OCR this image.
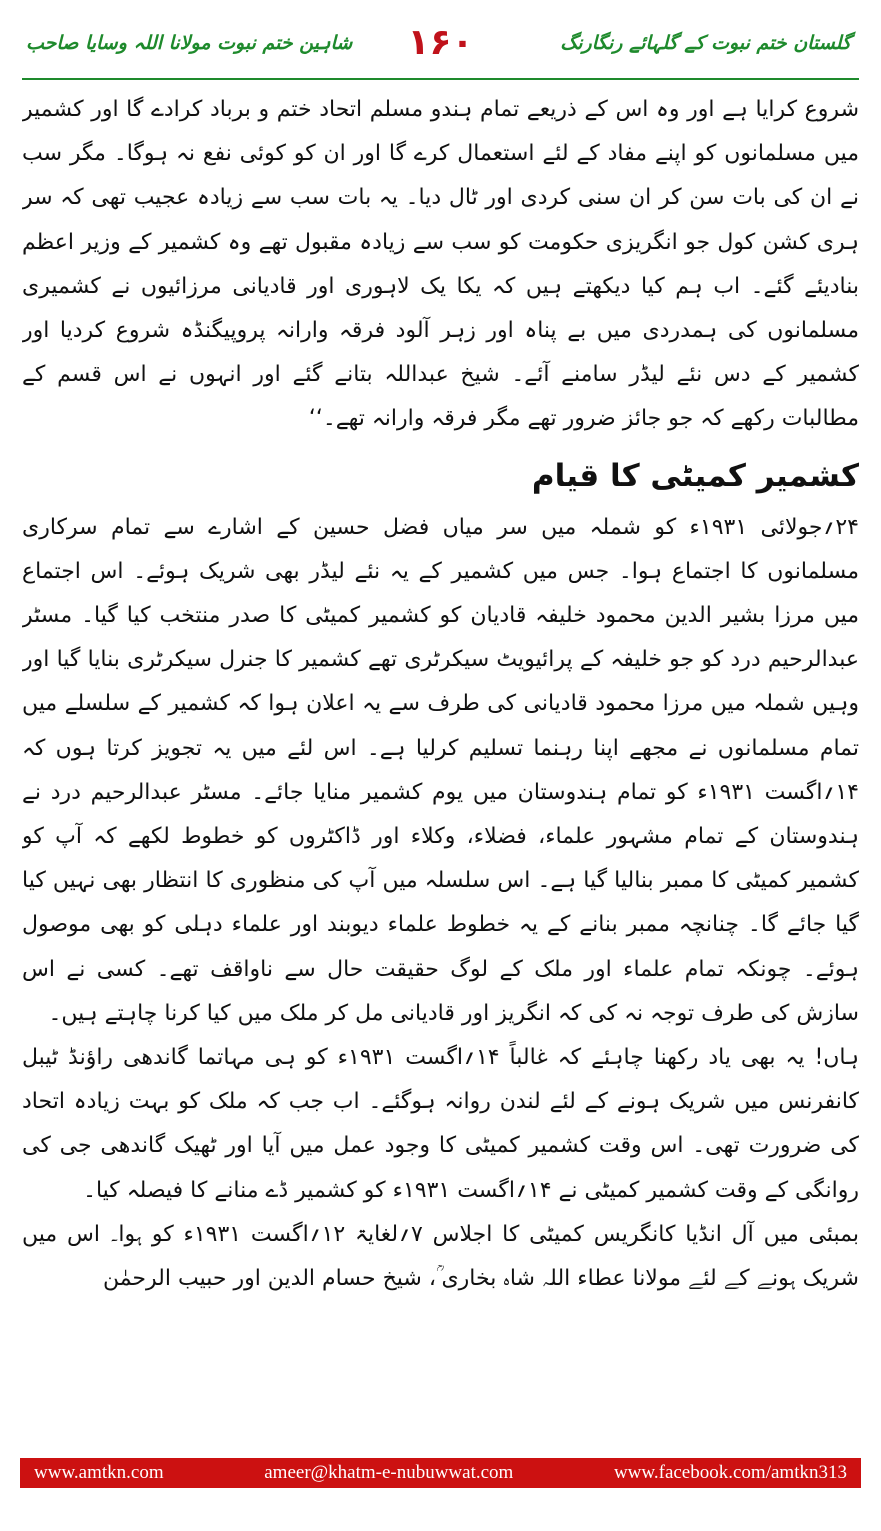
گلستان ختم نبوت کے گلہائے رنگارنگ
۱۶۰
شاہین ختم نبوت مولانا اللہ وسایا صاحب

شروع کرایا ہے اور وہ اس کے ذریعے تمام ہندو مسلم اتحاد ختم و برباد کرادے گا اور کشمیر میں مسلمانوں کو اپنے مفاد کے لئے استعمال کرے گا اور ان کو کوئی نفع نہ ہوگا۔ مگر سب نے ان کی بات سن کر ان سنی کردی اور ٹال دیا۔ یہ بات سب سے زیادہ عجیب تھی کہ سر ہری کشن کول جو انگریزی حکومت کو سب سے زیادہ مقبول تھے وہ کشمیر کے وزیر اعظم بنادیئے گئے۔ اب ہم کیا دیکھتے ہیں کہ یکا یک لاہوری اور قادیانی مرزائیوں نے کشمیری مسلمانوں کی ہمدردی میں بے پناہ اور زہر آلود فرقہ وارانہ پروپیگنڈہ شروع کردیا اور کشمیر کے دس نئے لیڈر سامنے آئے۔ شیخ عبداللہ بتانے گئے اور انہوں نے اس قسم کے مطالبات رکھے کہ جو جائز ضرور تھے مگر فرقہ وارانہ تھے۔‘‘

کشمیر کمیٹی کا قیام

۲۴؍جولائی ۱۹۳۱ء کو شملہ میں سر میاں فضل حسین کے اشارے سے تمام سرکاری مسلمانوں کا اجتماع ہوا۔ جس میں کشمیر کے یہ نئے لیڈر بھی شریک ہوئے۔ اس اجتماع میں مرزا بشیر الدین محمود خلیفہ قادیان کو کشمیر کمیٹی کا صدر منتخب کیا گیا۔ مسٹر عبدالرحیم درد کو جو خلیفہ کے پرائیویٹ سیکرٹری تھے کشمیر کا جنرل سیکرٹری بنایا گیا اور وہیں شملہ میں مرزا محمود قادیانی کی طرف سے یہ اعلان ہوا کہ کشمیر کے سلسلے میں تمام مسلمانوں نے مجھے اپنا رہنما تسلیم کرلیا ہے۔ اس لئے میں یہ تجویز کرتا ہوں کہ ۱۴؍اگست ۱۹۳۱ء کو تمام ہندوستان میں یوم کشمیر منایا جائے۔ مسٹر عبدالرحیم درد نے ہندوستان کے تمام مشہور علماء، فضلاء، وکلاء اور ڈاکٹروں کو خطوط لکھے کہ آپ کو کشمیر کمیٹی کا ممبر بنالیا گیا ہے۔ اس سلسلہ میں آپ کی منظوری کا انتظار بھی نہیں کیا گیا جائے گا۔ چنانچہ ممبر بنانے کے یہ خطوط علماء دیوبند اور علماء دہلی کو بھی موصول ہوئے۔ چونکہ تمام علماء اور ملک کے لوگ حقیقت حال سے ناواقف تھے۔ کسی نے اس سازش کی طرف توجہ نہ کی کہ انگریز اور قادیانی مل کر ملک میں کیا کرنا چاہتے ہیں۔

ہاں! یہ بھی یاد رکھنا چاہئے کہ غالباً ۱۴؍اگست ۱۹۳۱ء کو ہی مہاتما گاندھی راؤنڈ ٹیبل کانفرنس میں شریک ہونے کے لئے لندن روانہ ہوگئے۔ اب جب کہ ملک کو بہت زیادہ اتحاد کی ضرورت تھی۔ اس وقت کشمیر کمیٹی کا وجود عمل میں آیا اور ٹھیک گاندھی جی کی روانگی کے وقت کشمیر کمیٹی نے ۱۴؍اگست ۱۹۳۱ء کو کشمیر ڈے منانے کا فیصلہ کیا۔

بمبئی میں آل انڈیا کانگریس کمیٹی کا اجلاس ۷؍لغایۃ ۱۲؍اگست ۱۹۳۱ء کو ہوا۔ اس میں شریک ہونے کے لئے مولانا عطاء اللہ شاہ بخاری ؒ، شیخ حسام الدین اور حبیب الرحمٰن

www.amtkn.com	ameer@khatm-e-nubuwwat.com	www.facebook.com/amtkn313
